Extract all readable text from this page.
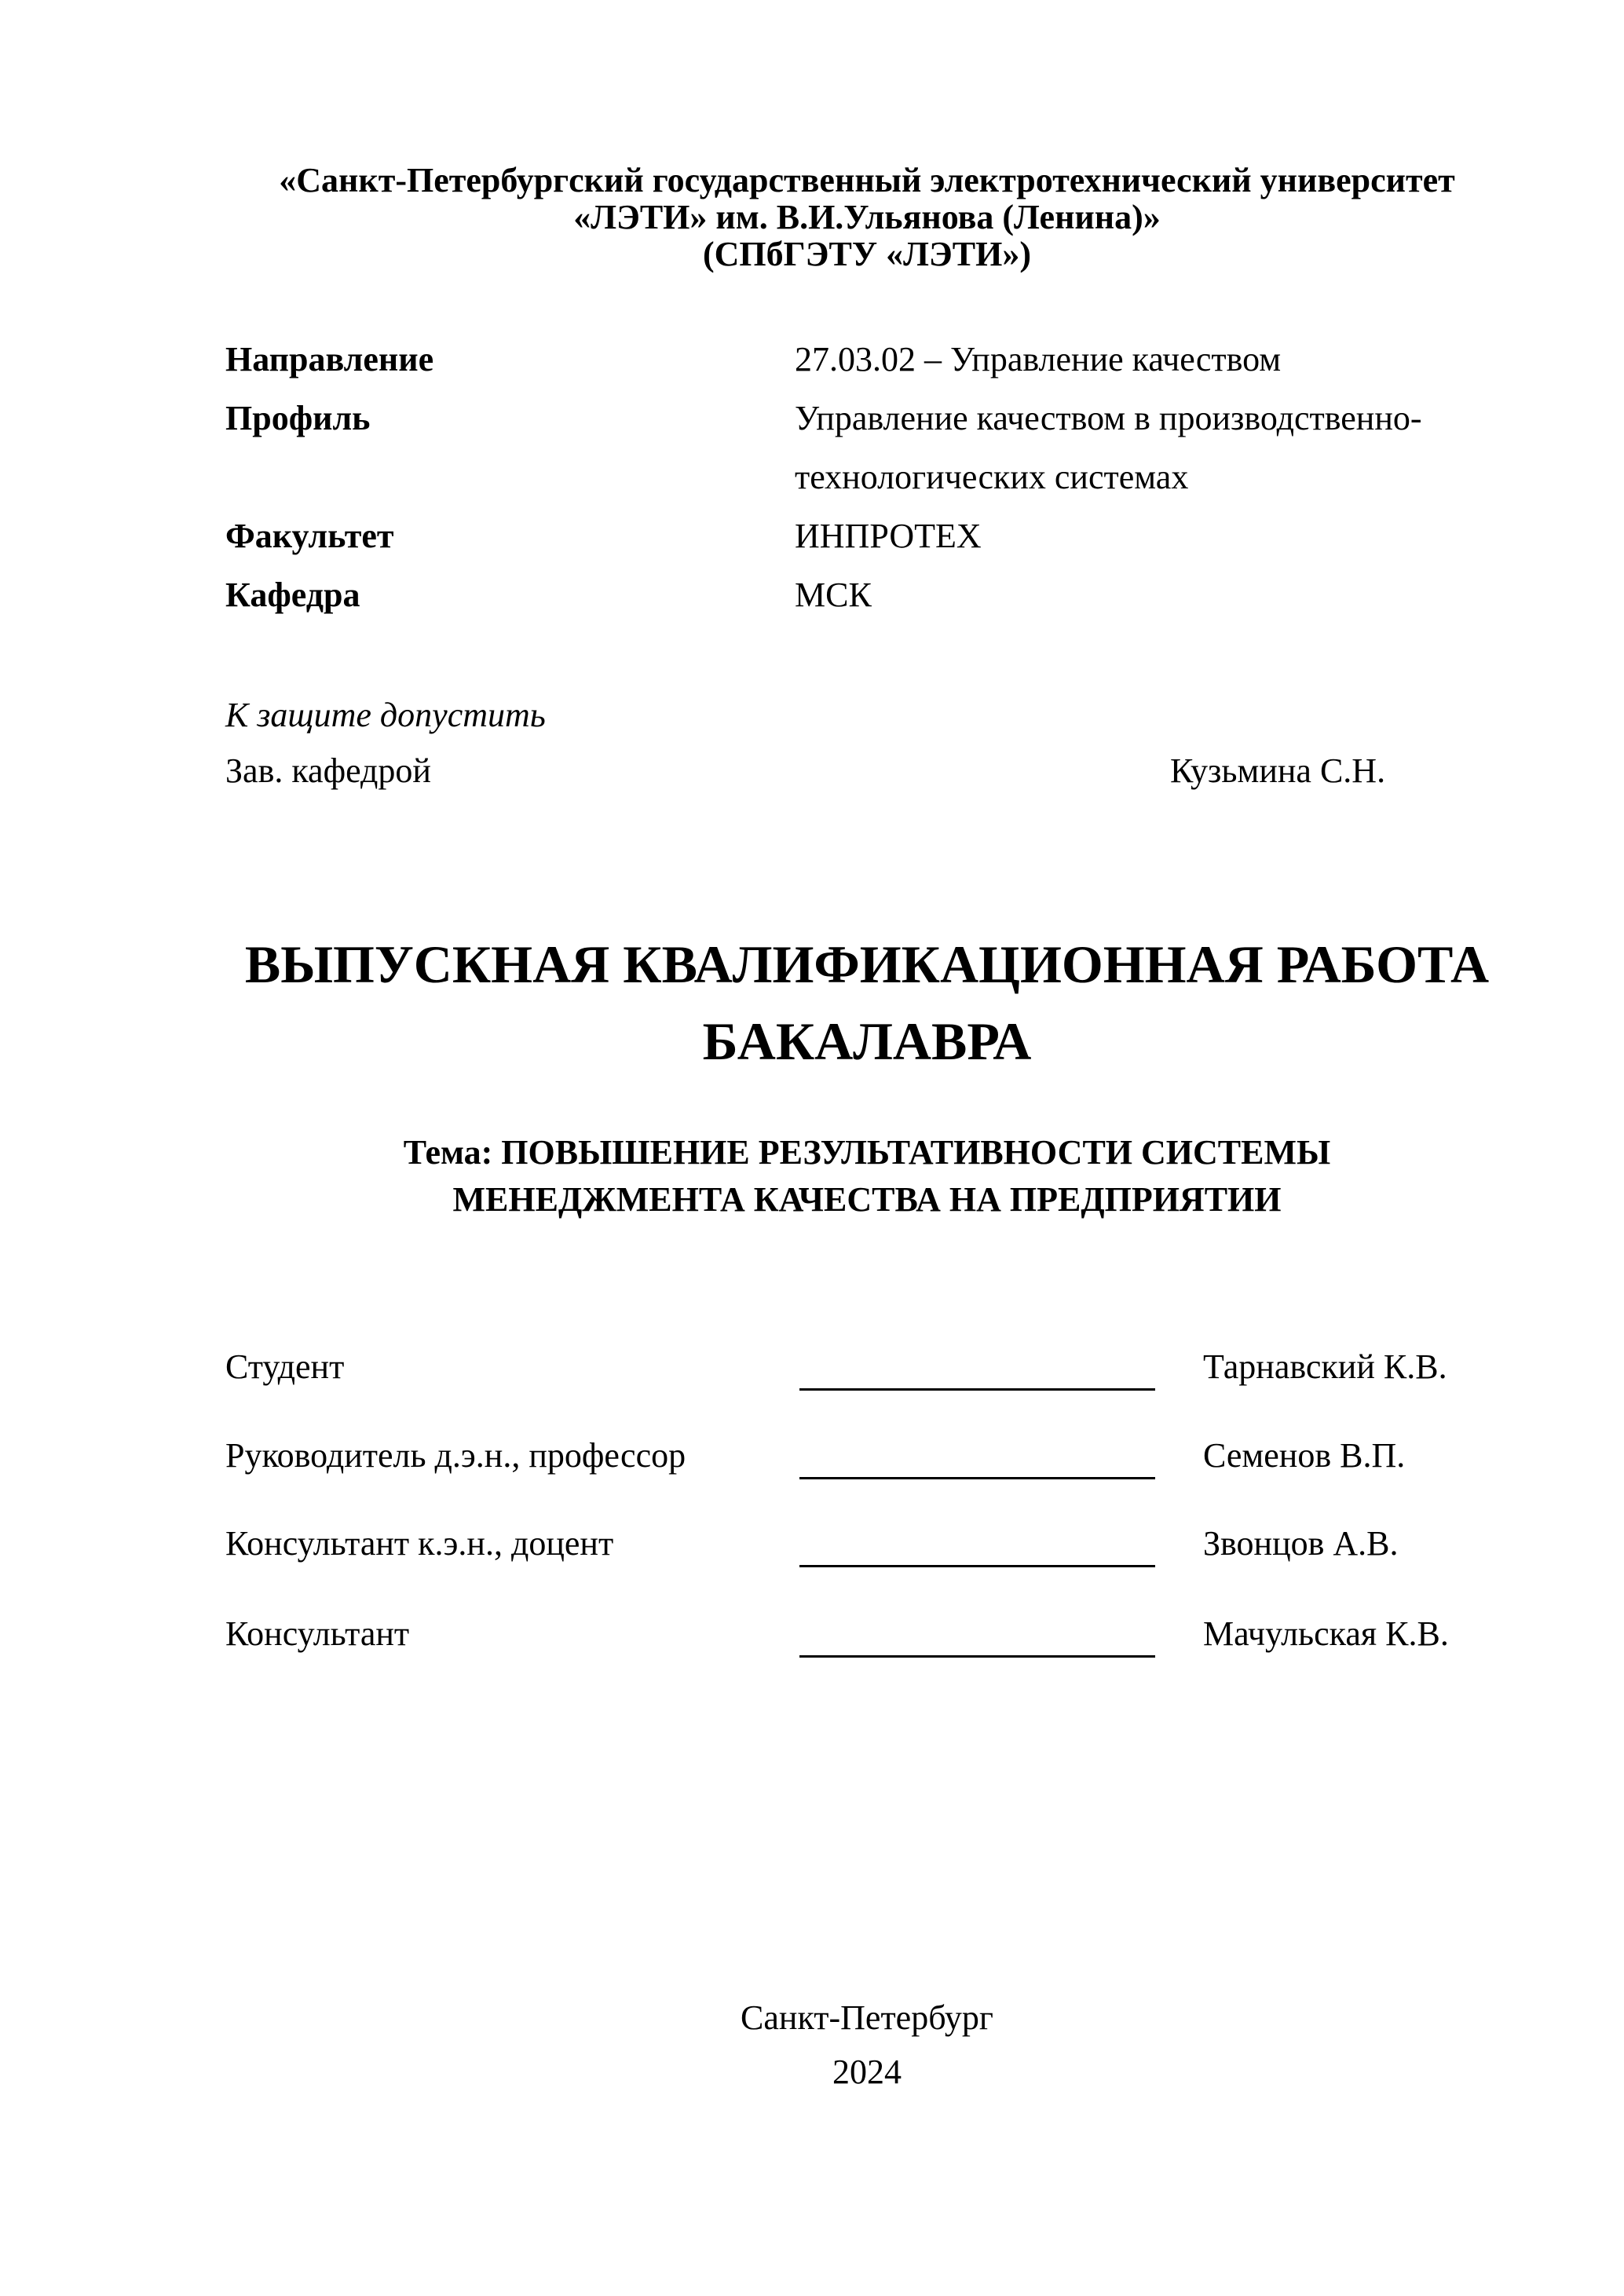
«Санкт-Петербургский государственный электротехнический университет
«ЛЭТИ» им. В.И.Ульянова (Ленина)»
(СПбГЭТУ «ЛЭТИ»)
Направление	27.03.02 – Управление качеством
Профиль	Управление качеством в производственно-
технологических системах
Факультет	ИНПРОТЕХ
Кафедра	МСК
К защите допустить
Зав. кафедрой	Кузьмина С.Н.
ВЫПУСКНАЯ КВАЛИФИКАЦИОННАЯ РАБОТА
БАКАЛАВРА
Тема: ПОВЫШЕНИЕ РЕЗУЛЬТАТИВНОСТИ СИСТЕМЫ
МЕНЕДЖМЕНТА КАЧЕСТВА НА ПРЕДПРИЯТИИ
Студент	Тарнавский К.В.
Руководитель д.э.н., профессор	Семенов В.П.
Консультант к.э.н., доцент	Звонцов А.В.
Консультант	Мачульская К.В.
Санкт-Петербург
2024
